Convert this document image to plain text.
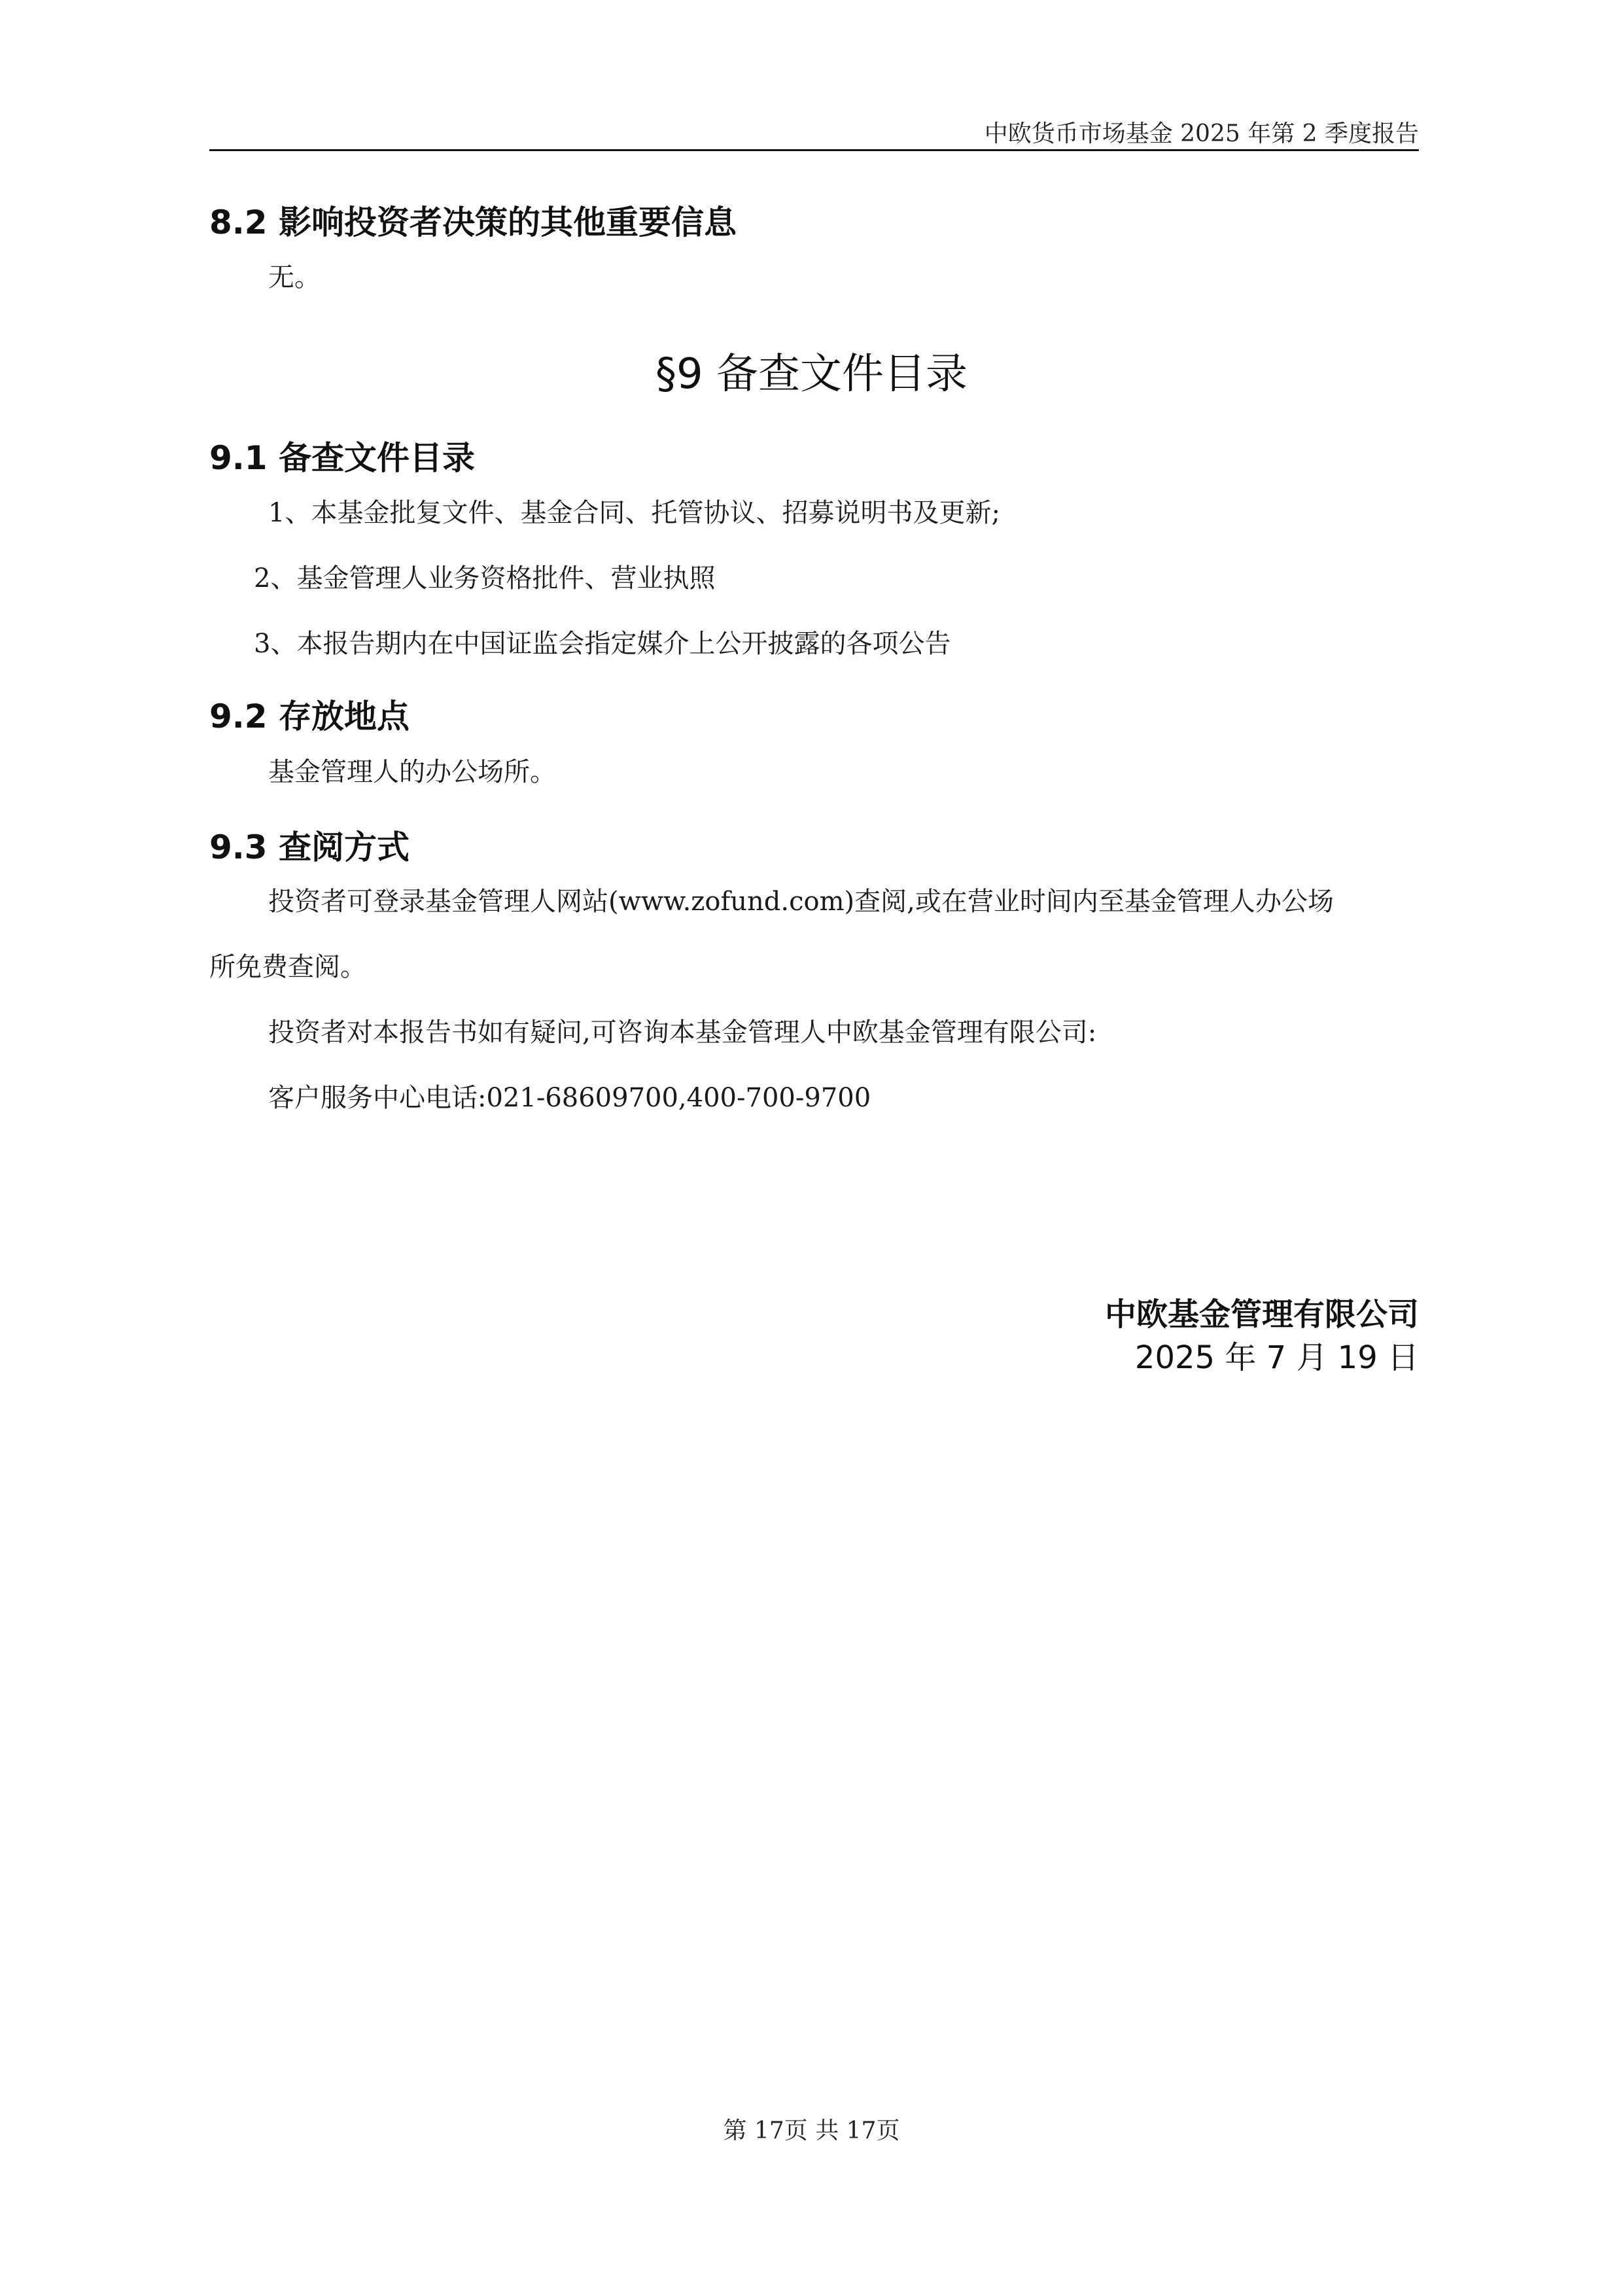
中欧货币市场基金 2025 年第 2 季度报告
8.2 影响投资者决策的其他重要信息
无。
§9 备查文件目录
9.1 备查文件目录
1、本基金批复文件、基金合同、托管协议、招募说明书及更新;
2、基金管理人业务资格批件、营业执照
3、本报告期内在中国证监会指定媒介上公开披露的各项公告
9.2 存放地点
基金管理人的办公场所。
9.3 查阅方式
投资者可登录基金管理人网站(www.zofund.com)查阅,或在营业时间内至基金管理人办公场
所免费查阅。
投资者对本报告书如有疑问,可咨询本基金管理人中欧基金管理有限公司:
客户服务中心电话:021-68609700,400-700-9700
中欧基金管理有限公司
2025 年 7 月 19 日
第 17页 共 17页
